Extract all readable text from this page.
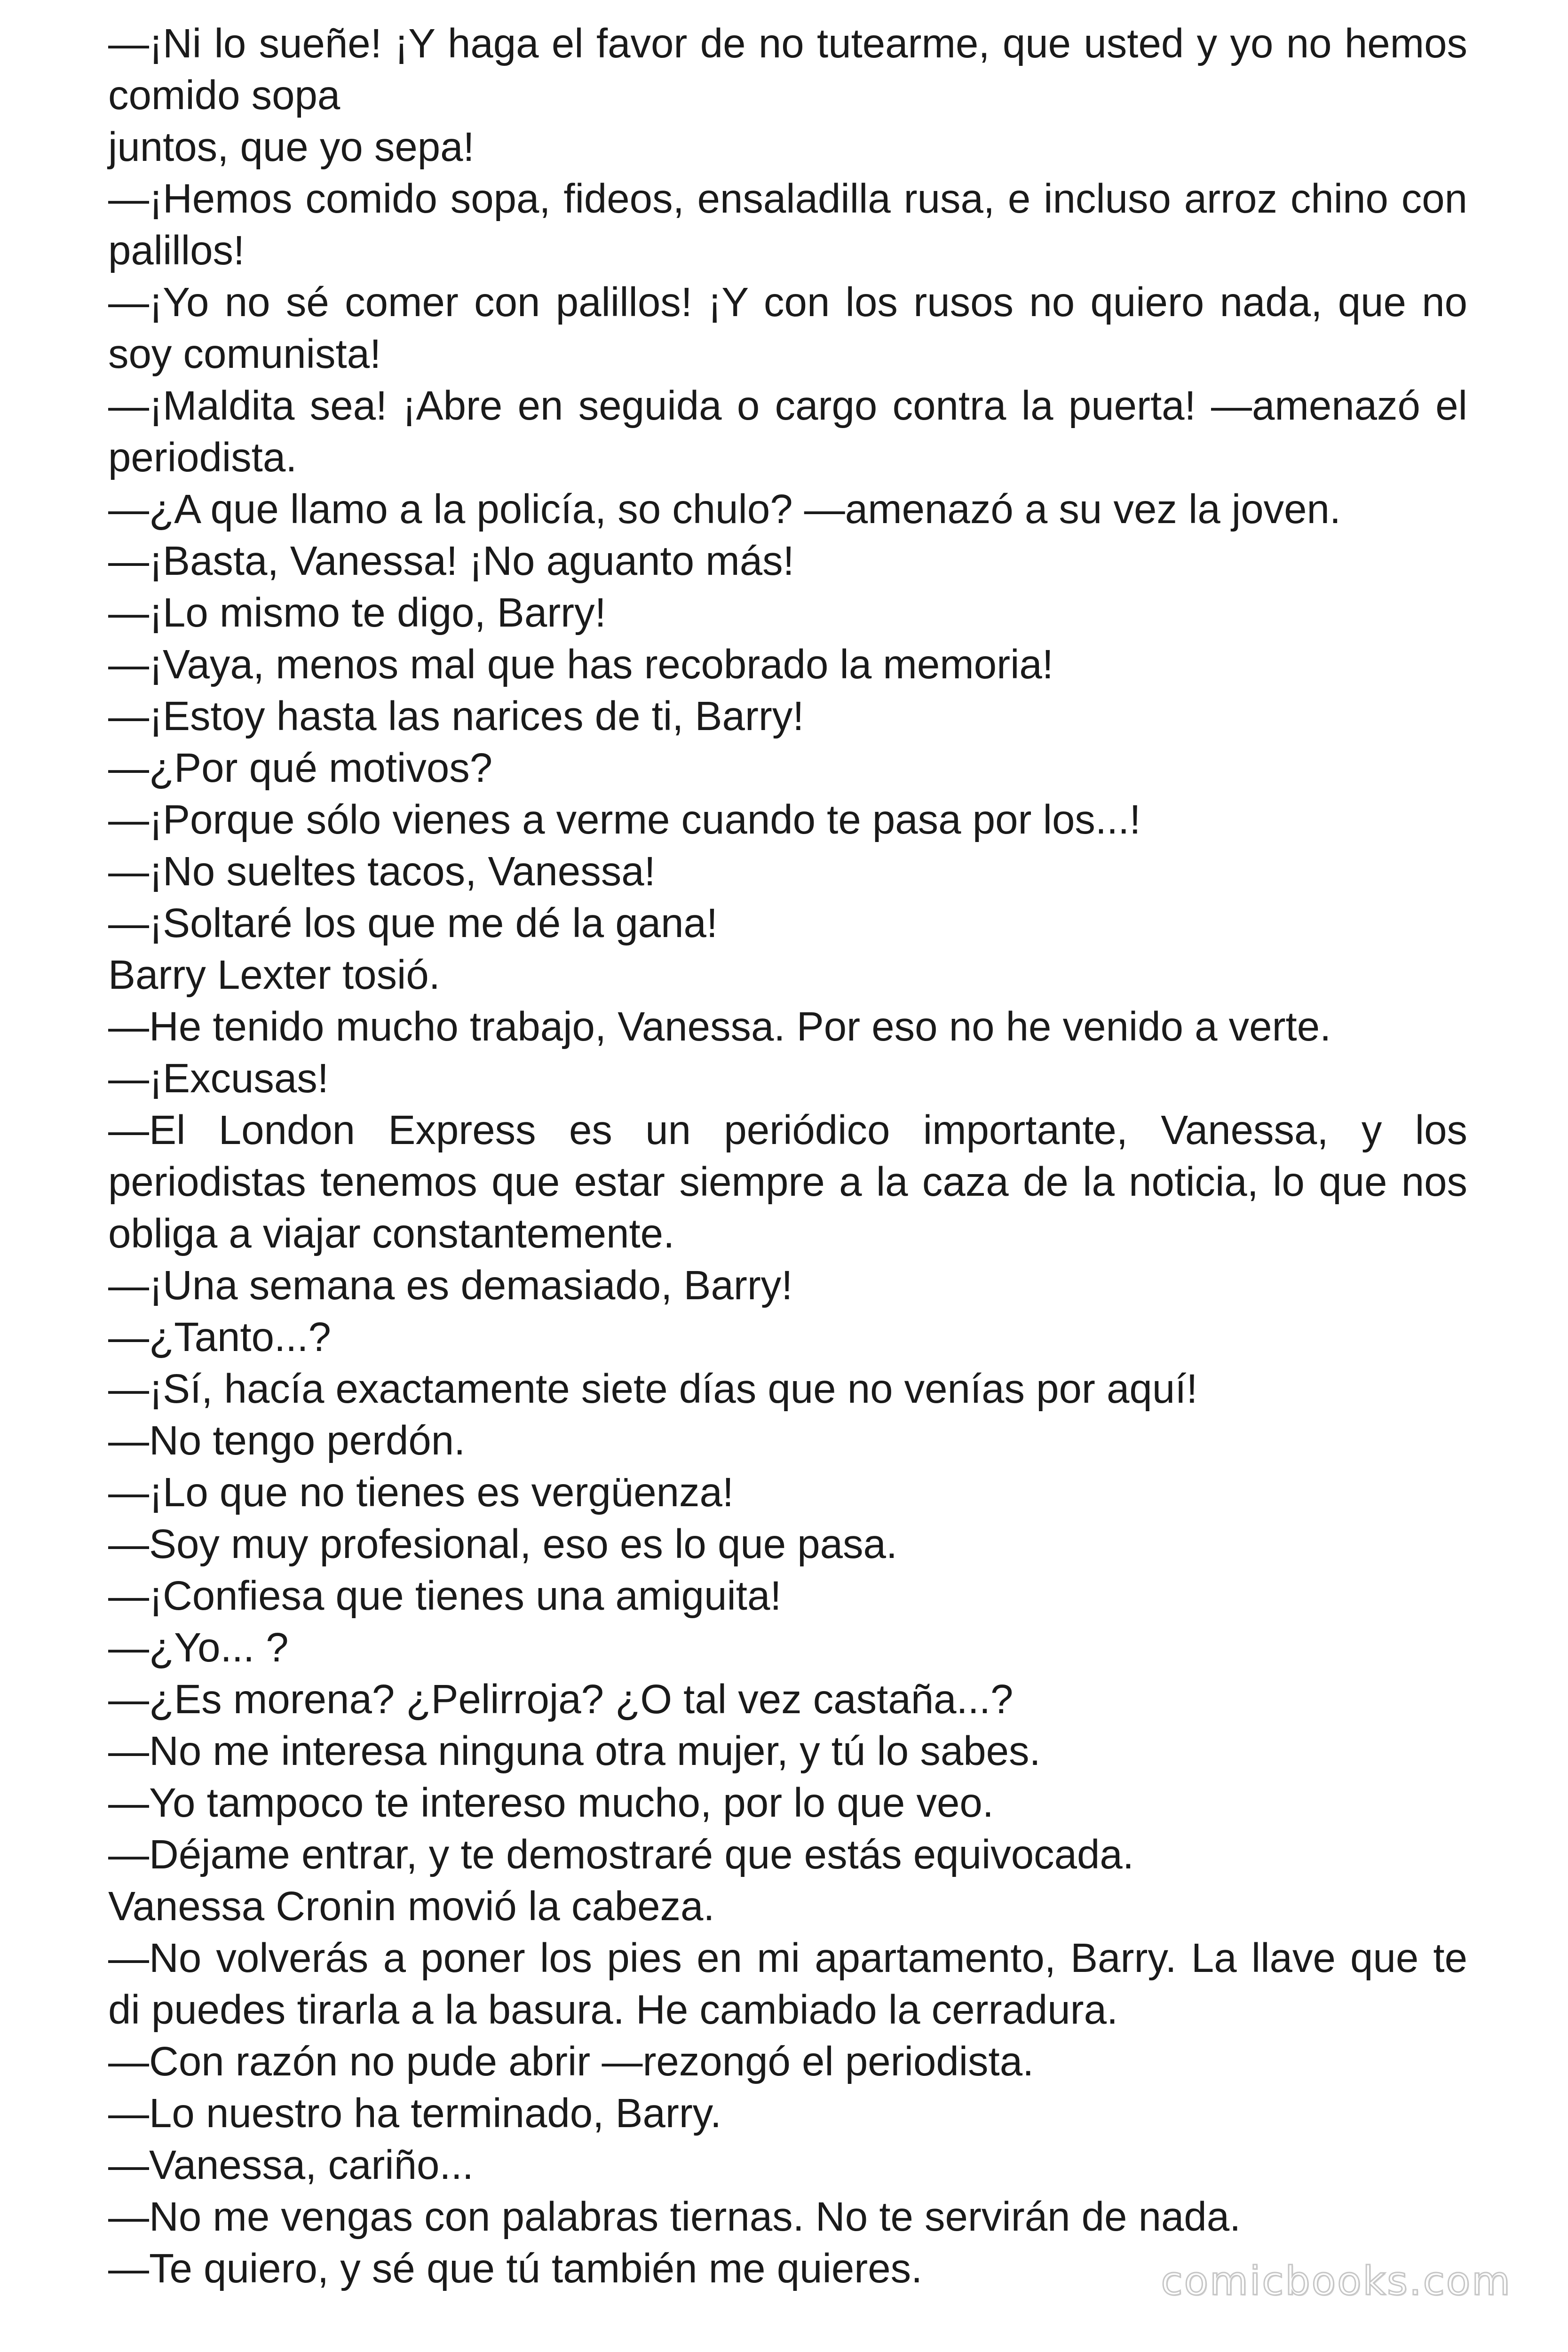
—¡Ni lo sueñe! ¡Y haga el favor de no tutearme, que usted y yo no hemos comido sopa
juntos, que yo sepa!

—¡Hemos comido sopa, fideos, ensaladilla rusa, e incluso arroz chino con palillos!

—¡Yo no sé comer con palillos! ¡Y con los rusos no quiero nada, que no soy comunista!

—¡Maldita sea! ¡Abre en seguida o cargo contra la puerta! —amenazó el periodista.

—¿A que llamo a la policía, so chulo? —amenazó a su vez la joven.

—¡Basta, Vanessa! ¡No aguanto más!

—¡Lo mismo te digo, Barry!

—¡Vaya, menos mal que has recobrado la memoria!

—¡Estoy hasta las narices de ti, Barry!

—¿Por qué motivos?

—¡Porque sólo vienes a verme cuando te pasa por los...!

—¡No sueltes tacos, Vanessa!

—¡Soltaré los que me dé la gana!

Barry Lexter tosió.

—He tenido mucho trabajo, Vanessa. Por eso no he venido a verte.

—¡Excusas!

—El London Express es un periódico importante, Vanessa, y los periodistas tenemos que estar siempre a la caza de la noticia, lo que nos obliga a viajar constantemente.

—¡Una semana es demasiado, Barry!

—¿Tanto...?

—¡Sí, hacía exactamente siete días que no venías por aquí!

—No tengo perdón.

—¡Lo que no tienes es vergüenza!

—Soy muy profesional, eso es lo que pasa.

—¡Confiesa que tienes una amiguita!

—¿Yo... ?

—¿Es morena? ¿Pelirroja? ¿O tal vez castaña...?

—No me interesa ninguna otra mujer, y tú lo sabes.

—Yo tampoco te intereso mucho, por lo que veo.

—Déjame entrar, y te demostraré que estás equivocada.

Vanessa Cronin movió la cabeza.

—No volverás a poner los pies en mi apartamento, Barry. La llave que te di puedes tirarla a la basura. He cambiado la cerradura.

—Con razón no pude abrir —rezongó el periodista.

—Lo nuestro ha terminado, Barry.

—Vanessa, cariño...

—No me vengas con palabras tiernas. No te servirán de nada.

—Te quiero, y sé que tú también me quieres.	comicbooks.com
